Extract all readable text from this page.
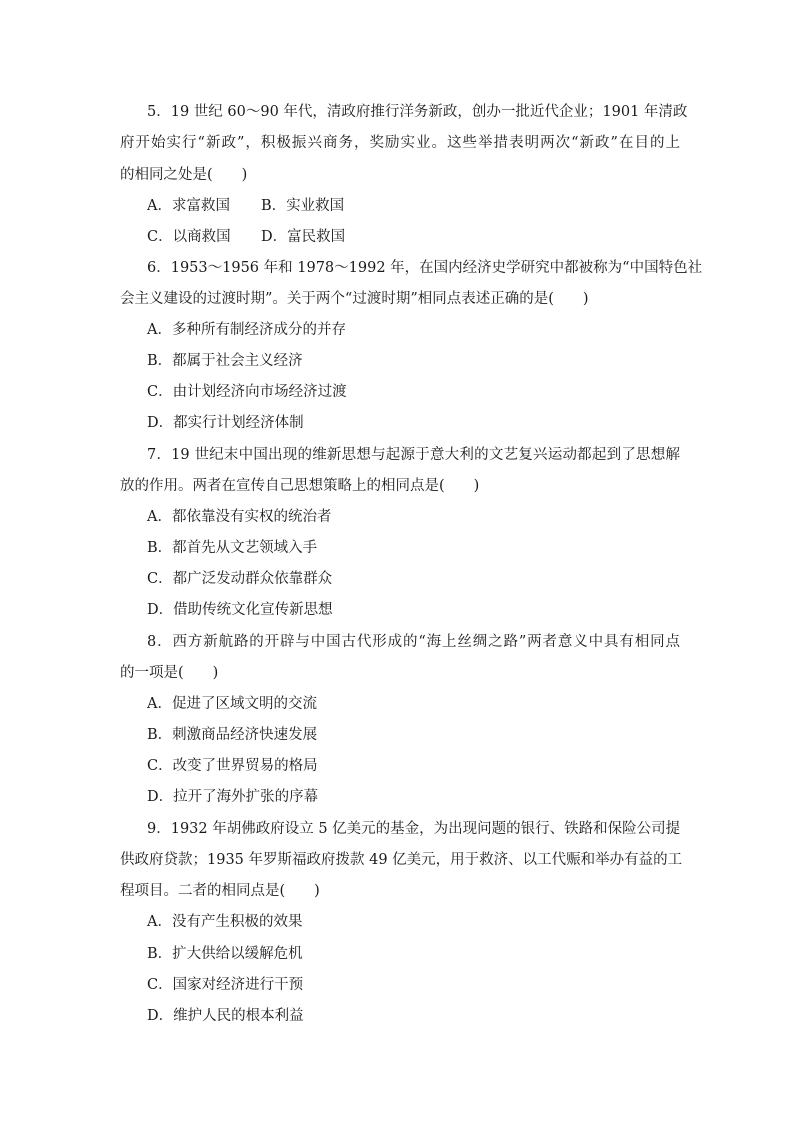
5．19 世纪 60～90 年代，清政府推行洋务新政，创办一批近代企业；1901 年清政
府开始实行“新政”，积极振兴商务，奖励实业。这些举措表明两次“新政”在目的上
的相同之处是(　　)
A．求富救国 B．实业救国
C．以商救国 D．富民救国
6．1953～1956 年和 1978～1992 年，在国内经济史学研究中都被称为“中国特色社
会主义建设的过渡时期”。关于两个“过渡时期”相同点表述正确的是(　　)
A．多种所有制经济成分的并存
B．都属于社会主义经济
C．由计划经济向市场经济过渡
D．都实行计划经济体制
7．19 世纪末中国出现的维新思想与起源于意大利的文艺复兴运动都起到了思想解
放的作用。两者在宣传自己思想策略上的相同点是(　　)
A．都依靠没有实权的统治者
B．都首先从文艺领域入手
C．都广泛发动群众依靠群众
D．借助传统文化宣传新思想
8．西方新航路的开辟与中国古代形成的“海上丝绸之路”两者意义中具有相同点
的一项是(　　)
A．促进了区域文明的交流
B．刺激商品经济快速发展
C．改变了世界贸易的格局
D．拉开了海外扩张的序幕
9．1932 年胡佛政府设立 5 亿美元的基金，为出现问题的银行、铁路和保险公司提
供政府贷款；1935 年罗斯福政府拨款 49 亿美元，用于救济、以工代赈和举办有益的工
程项目。二者的相同点是(　　)
A．没有产生积极的效果
B．扩大供给以缓解危机
C．国家对经济进行干预
D．维护人民的根本利益
